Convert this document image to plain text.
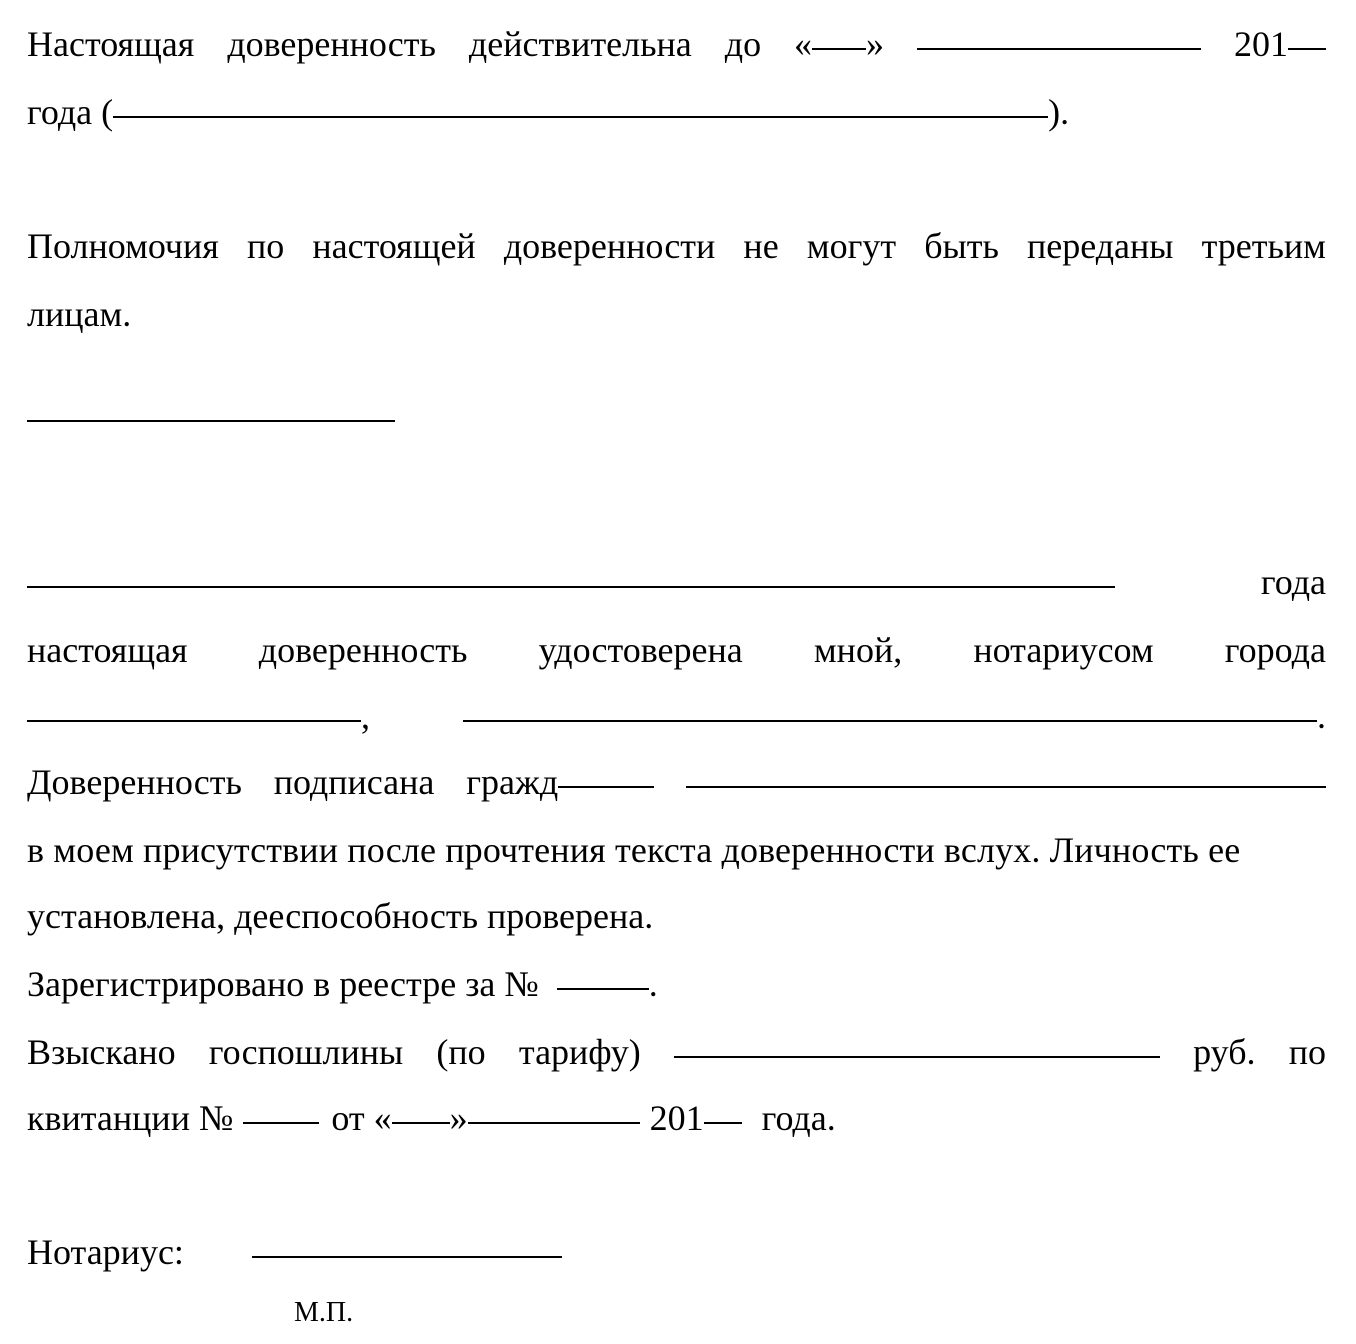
Настоящая доверенность действительна до « »	201
года (	).
Полномочия по настоящей доверенности не могут быть переданы третьим
лицам.
года
настоящая доверенность удостоверена мной, нотариусом города
,	.
Доверенность подписана гражд
в моем присутствии после прочтения текста доверенности вслух. Личность ее
установлена, дееспособность проверена.
Зарегистрировано в реестре за №	.
Взыскано госпошлины (по тарифу)	руб. по
квитанции №	от « »	201 года.
Нотариус:
М.П.
